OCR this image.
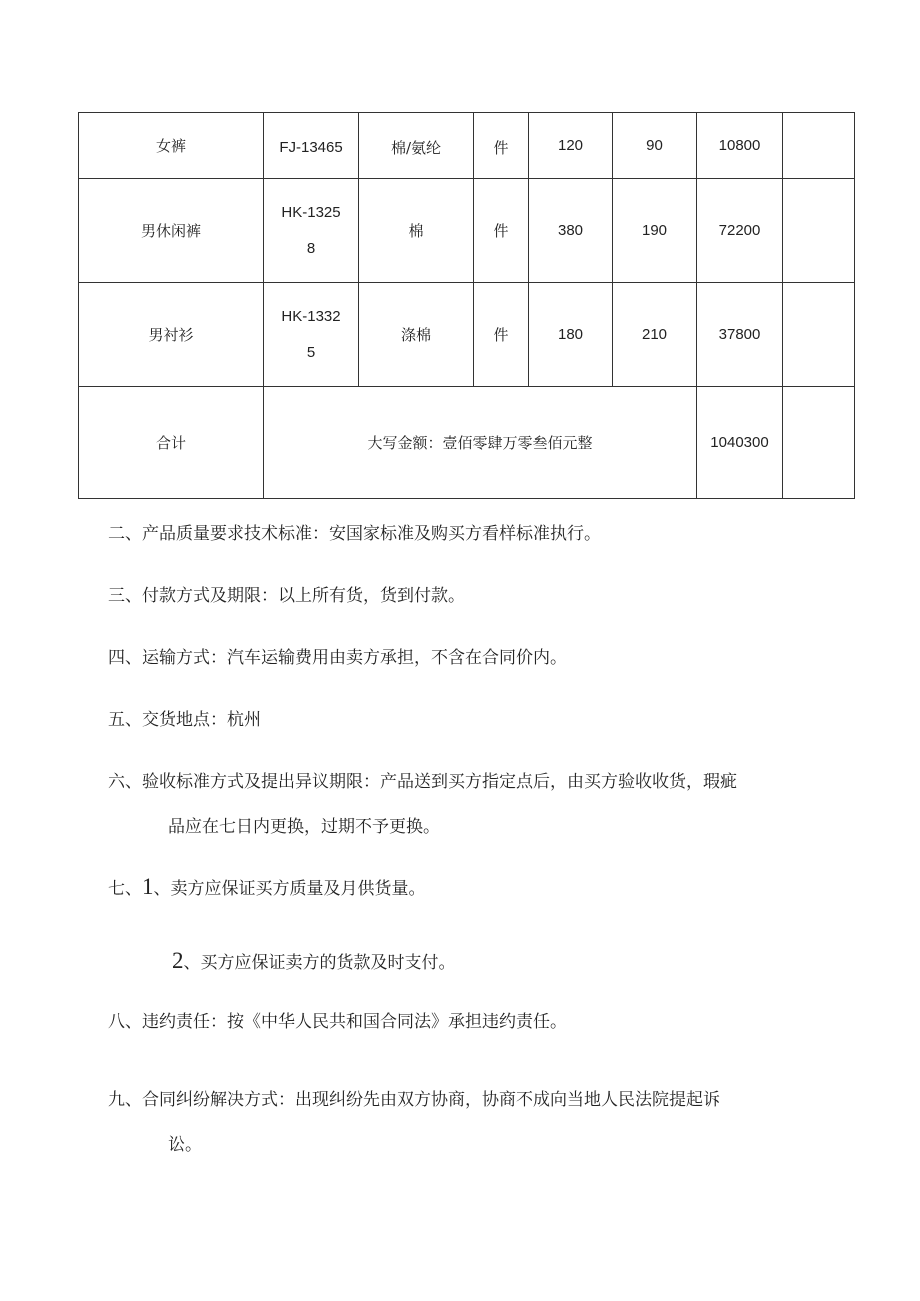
女裤	FJ-13465	棉/氨纶	件	120	90	10800	
男休闲裤	HK-13258	棉	件	380	190	72200	
男衬衫	HK-13325	涤棉	件	180	210	37800	
合计	大写金额：壹佰零肆万零叁佰元整					1040300	

二、产品质量要求技术标准：安国家标准及购买方看样标准执行。
三、付款方式及期限：以上所有货，货到付款。
四、运输方式：汽车运输费用由卖方承担，不含在合同价内。
五、交货地点：杭州
六、验收标准方式及提出异议期限：产品送到买方指定点后，由买方验收收货，瑕疵
品应在七日内更换，过期不予更换。
七、1、卖方应保证买方质量及月供货量。
2、买方应保证卖方的货款及时支付。
八、违约责任：按《中华人民共和国合同法》承担违约责任。
九、合同纠纷解决方式：出现纠纷先由双方协商，协商不成向当地人民法院提起诉
讼。
